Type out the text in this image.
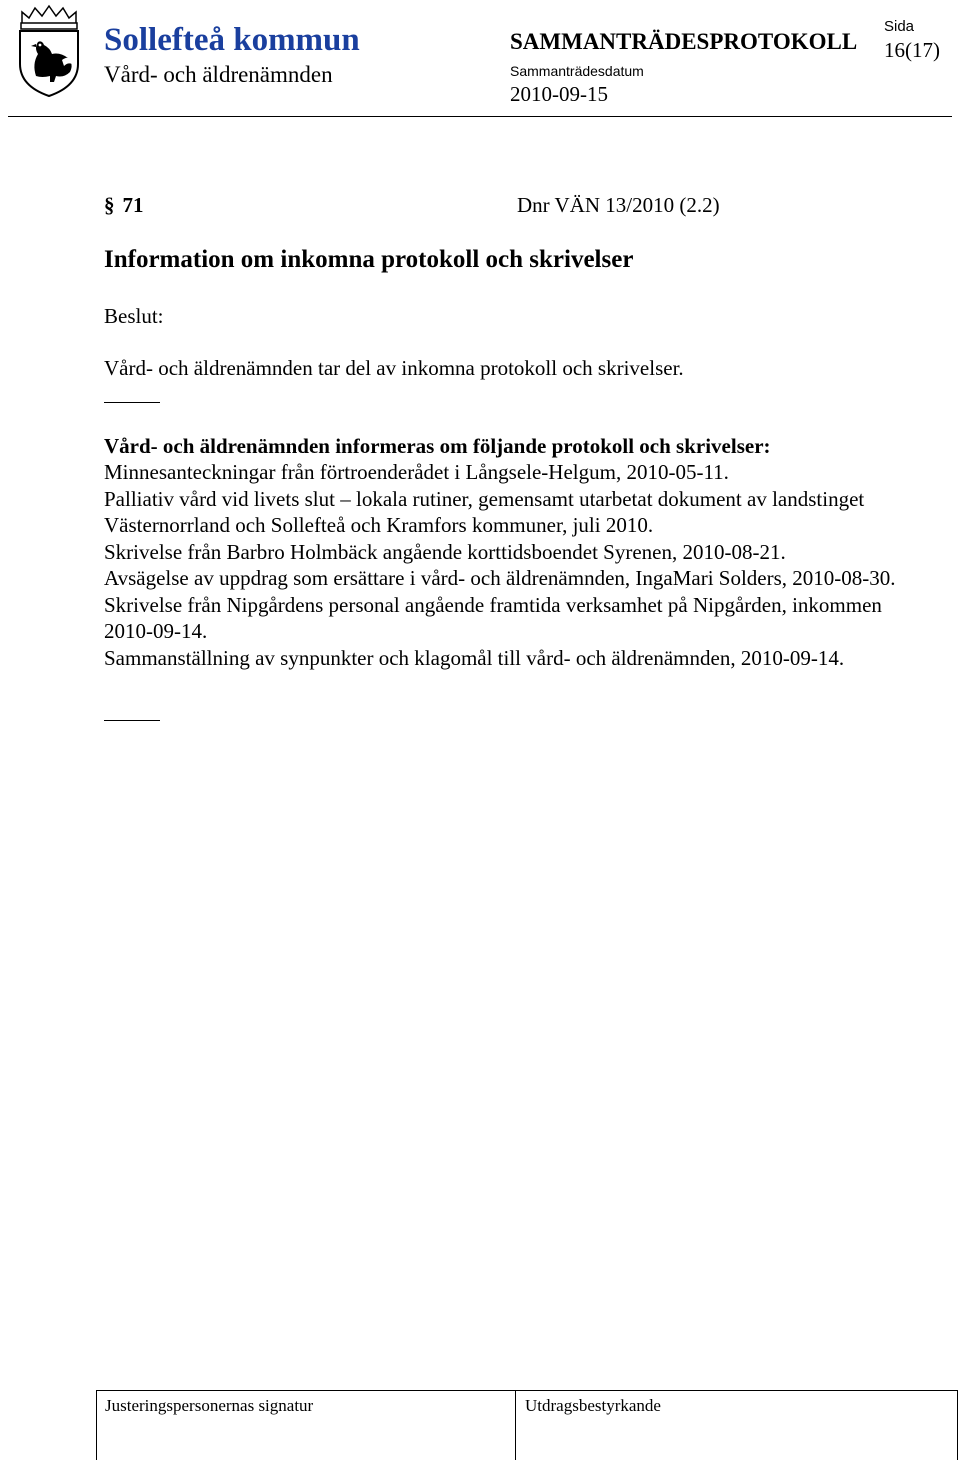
Sollefteå kommun
Vård- och äldrenämnden
SAMMANTRÄDESPROTOKOLL
Sammanträdesdatum
2010-09-15
Sida
16(17)
§ 71	Dnr VÄN 13/2010 (2.2)
Information om inkomna protokoll och skrivelser
Beslut:
Vård- och äldrenämnden tar del av inkomna protokoll och skrivelser.
Vård- och äldrenämnden informeras om följande protokoll och skrivelser:
Minnesanteckningar från förtroenderådet i Långsele-Helgum, 2010-05-11.
Palliativ vård vid livets slut – lokala rutiner, gemensamt utarbetat dokument av landstinget Västernorrland och Sollefteå och Kramfors kommuner, juli 2010.
Skrivelse från Barbro Holmbäck angående korttidsboendet Syrenen, 2010-08-21.
Avsägelse av uppdrag som ersättare i vård- och äldrenämnden, IngaMari Solders, 2010-08-30.
Skrivelse från Nipgårdens personal angående framtida verksamhet på Nipgården, inkommen 2010-09-14.
Sammanställning av synpunkter och klagomål till vård- och äldrenämnden, 2010-09-14.
Justeringspersonernas signatur	Utdragsbestyrkande
